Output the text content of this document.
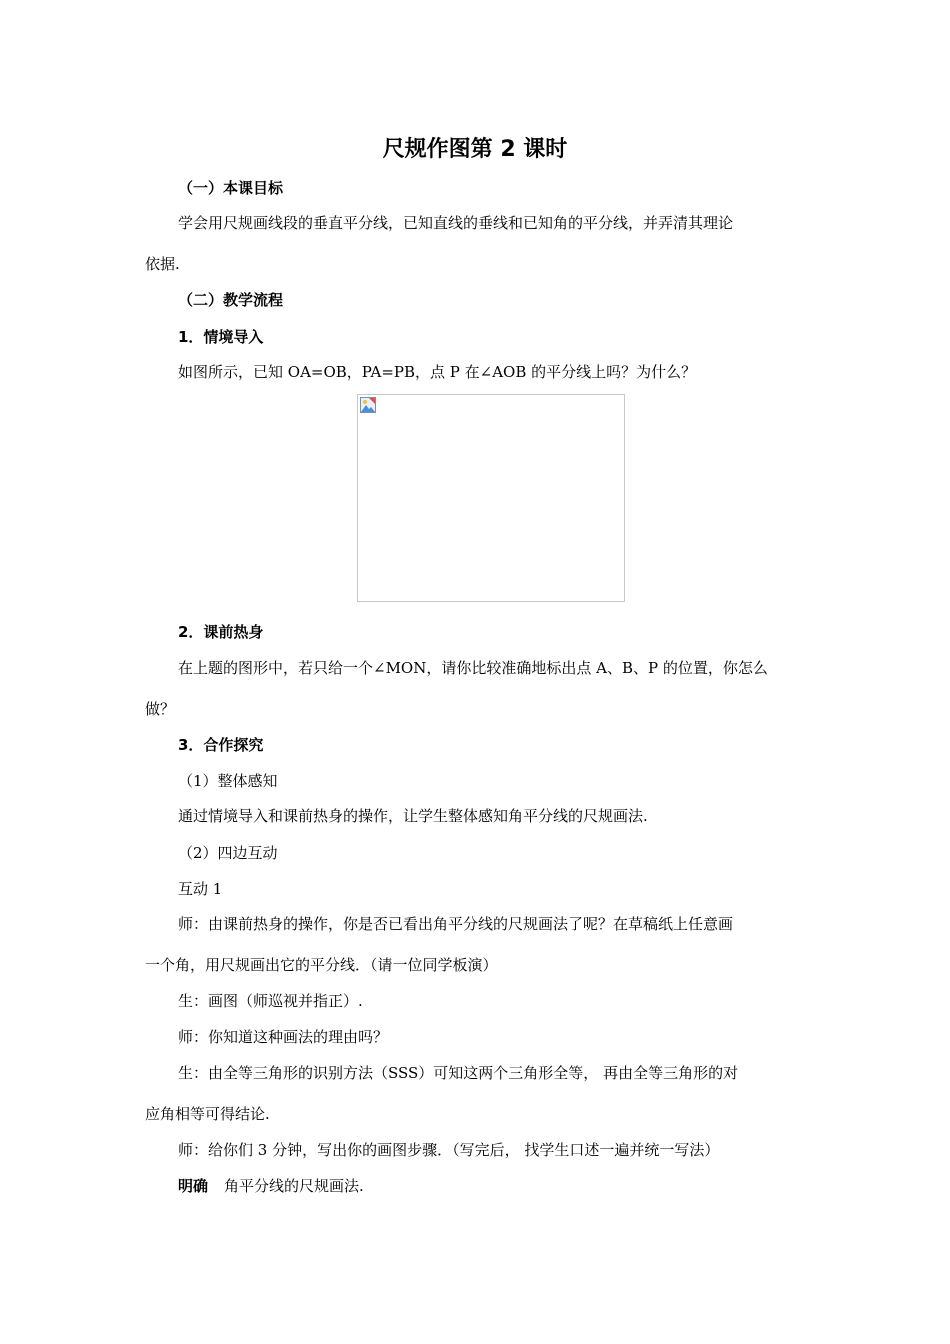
尺规作图第 2 课时
（一）本课目标
学会用尺规画线段的垂直平分线，已知直线的垂线和已知角的平分线，并弄清其理论
依据.
（二）教学流程
1．情境导入
如图所示，已知 OA=OB，PA=PB，点 P 在∠AOB 的平分线上吗？为什么？
2．课前热身
在上题的图形中，若只给一个∠MON，请你比较准确地标出点 A、B、P 的位置，你怎么
做？
3．合作探究
（1）整体感知
通过情境导入和课前热身的操作，让学生整体感知角平分线的尺规画法.
（2）四边互动
互动 1
师：由课前热身的操作，你是否已看出角平分线的尺规画法了呢？在草稿纸上任意画
一个角，用尺规画出它的平分线．（请一位同学板演）
生：画图（师巡视并指正）.
师：你知道这种画法的理由吗？
生：由全等三角形的识别方法（SSS）可知这两个三角形全等， 再由全等三角形的对
应角相等可得结论.
师：给你们 3 分钟，写出你的画图步骤．（写完后， 找学生口述一遍并统一写法）
明确 角平分线的尺规画法.
